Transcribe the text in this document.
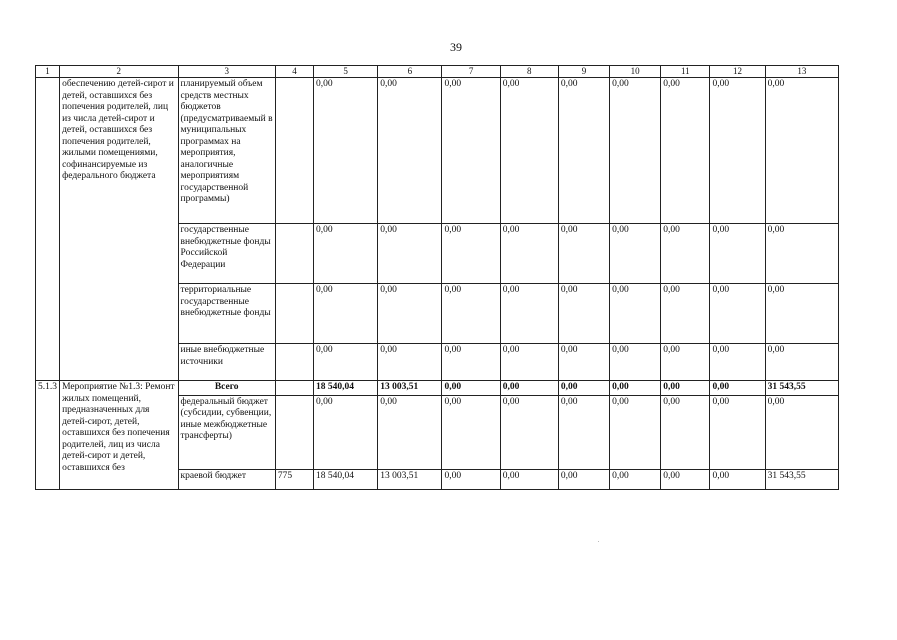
39
1	2	3	4	5	6	7	8	9	10	11	12	13
	обеспечению детей-сирот и детей, оставшихся без попечения родителей, лиц из числа детей-сирот и детей, оставшихся без попечения родителей, жилыми помещениями, софинансируемые из федерального бюджета	планируемый объем средств местных бюджетов (предусматриваемый в муниципальных программах на мероприятия, аналогичные мероприятиям государственной программы)		0,00	0,00	0,00	0,00	0,00	0,00	0,00	0,00	0,00
		государственные внебюджетные фонды Российской Федерации		0,00	0,00	0,00	0,00	0,00	0,00	0,00	0,00	0,00
		территориальные государственные внебюджетные фонды		0,00	0,00	0,00	0,00	0,00	0,00	0,00	0,00	0,00
		иные внебюджетные источники		0,00	0,00	0,00	0,00	0,00	0,00	0,00	0,00	0,00
5.1.3	Мероприятие №1.3: Ремонт жилых помещений, предназначенных для детей-сирот, детей, оставшихся без попечения родителей, лиц из числа детей-сирот и детей, оставшихся без	Всего		18 540,04	13 003,51	0,00	0,00	0,00	0,00	0,00	0,00	31 543,55
		федеральный бюджет (субсидии, субвенции, иные межбюджетные трансферты)		0,00	0,00	0,00	0,00	0,00	0,00	0,00	0,00	0,00
		краевой бюджет	775	18 540,04	13 003,51	0,00	0,00	0,00	0,00	0,00	0,00	31 543,55
